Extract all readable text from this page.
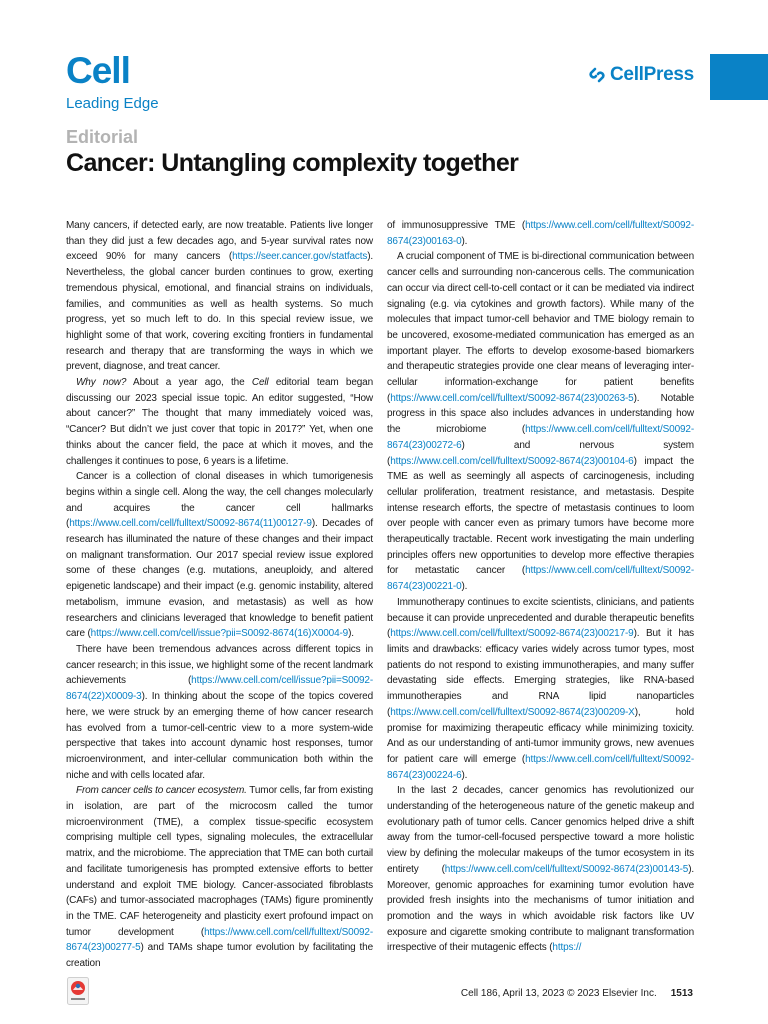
Cell
Leading Edge
CellPress
Editorial
Cancer: Untangling complexity together

Many cancers, if detected early, are now treatable. Patients live longer than they did just a few decades ago, and 5-year survival rates now exceed 90% for many cancers (https://seer.cancer.gov/statfacts). Nevertheless, the global cancer burden continues to grow, exerting tremendous physical, emotional, and financial strains on individuals, families, and communities as well as health systems. So much progress, yet so much left to do. In this special review issue, we highlight some of that work, covering exciting frontiers in fundamental research and therapy that are transforming the ways in which we prevent, diagnose, and treat cancer.

Why now? About a year ago, the Cell editorial team began discussing our 2023 special issue topic. An editor suggested, “How about cancer?” The thought that many immediately voiced was, “Cancer? But didn’t we just cover that topic in 2017?” Yet, when one thinks about the cancer field, the pace at which it moves, and the challenges it continues to pose, 6 years is a lifetime.

Cancer is a collection of clonal diseases in which tumorigenesis begins within a single cell. Along the way, the cell changes molecularly and acquires the cancer cell hallmarks (https://www.cell.com/cell/fulltext/S0092-8674(11)00127-9). Decades of research has illuminated the nature of these changes and their impact on malignant transformation. Our 2017 special review issue explored some of these changes (e.g. mutations, aneuploidy, and altered epigenetic landscape) and their impact (e.g. genomic instability, altered metabolism, immune evasion, and metastasis) as well as how researchers and clinicians leveraged that knowledge to benefit patient care (https://www.cell.com/cell/issue?pii=S0092-8674(16)X0004-9).

There have been tremendous advances across different topics in cancer research; in this issue, we highlight some of the recent landmark achievements (https://www.cell.com/cell/issue?pii=S0092-8674(22)X0009-3). In thinking about the scope of the topics covered here, we were struck by an emerging theme of how cancer research has evolved from a tumor-cell-centric view to a more system-wide perspective that takes into account dynamic host responses, tumor microenvironment, and inter-cellular communication both within the niche and with cells located afar.

From cancer cells to cancer ecosystem. Tumor cells, far from existing in isolation, are part of the microcosm called the tumor microenvironment (TME), a complex tissue-specific ecosystem comprising multiple cell types, signaling molecules, the extracellular matrix, and the microbiome. The appreciation that TME can both curtail and facilitate tumorigenesis has prompted extensive efforts to better understand and exploit TME biology. Cancer-associated fibroblasts (CAFs) and tumor-associated macrophages (TAMs) figure prominently in the TME. CAF heterogeneity and plasticity exert profound impact on tumor development (https://www.cell.com/cell/fulltext/S0092-8674(23)00277-5) and TAMs shape tumor evolution by facilitating the creation

of immunosuppressive TME (https://www.cell.com/cell/fulltext/S0092-8674(23)00163-0).

A crucial component of TME is bi-directional communication between cancer cells and surrounding non-cancerous cells. The communication can occur via direct cell-to-cell contact or it can be mediated via indirect signaling (e.g. via cytokines and growth factors). While many of the molecules that impact tumor-cell behavior and TME biology remain to be uncovered, exosome-mediated communication has emerged as an important player. The efforts to develop exosome-based biomarkers and therapeutic strategies provide one clear means of leveraging inter-cellular information-exchange for patient benefits (https://www.cell.com/cell/fulltext/S0092-8674(23)00263-5). Notable progress in this space also includes advances in understanding how the microbiome (https://www.cell.com/cell/fulltext/S0092-8674(23)00272-6) and nervous system (https://www.cell.com/cell/fulltext/S0092-8674(23)00104-6) impact the TME as well as seemingly all aspects of carcinogenesis, including cellular proliferation, treatment resistance, and metastasis. Despite intense research efforts, the spectre of metastasis continues to loom over people with cancer even as primary tumors have become more therapeutically tractable. Recent work investigating the main underling principles offers new opportunities to develop more effective therapies for metastatic cancer (https://www.cell.com/cell/fulltext/S0092-8674(23)00221-0).

Immunotherapy continues to excite scientists, clinicians, and patients because it can provide unprecedented and durable therapeutic benefits (https://www.cell.com/cell/fulltext/S0092-8674(23)00217-9). But it has limits and drawbacks: efficacy varies widely across tumor types, most patients do not respond to existing immunotherapies, and many suffer devastating side effects. Emerging strategies, like RNA-based immunotherapies and RNA lipid nanoparticles (https://www.cell.com/cell/fulltext/S0092-8674(23)00209-X), hold promise for maximizing therapeutic efficacy while minimizing toxicity. And as our understanding of anti-tumor immunity grows, new avenues for patient care will emerge (https://www.cell.com/cell/fulltext/S0092-8674(23)00224-6).

In the last 2 decades, cancer genomics has revolutionized our understanding of the heterogeneous nature of the genetic makeup and evolutionary path of tumor cells. Cancer genomics helped drive a shift away from the tumor-cell-focused perspective toward a more holistic view by defining the molecular makeups of the tumor ecosystem in its entirety (https://www.cell.com/cell/fulltext/S0092-8674(23)00143-5). Moreover, genomic approaches for examining tumor evolution have provided fresh insights into the mechanisms of tumor initiation and promotion and the ways in which avoidable risk factors like UV exposure and cigarette smoking contribute to malignant transformation irrespective of their mutagenic effects (https://

Cell 186, April 13, 2023 © 2023 Elsevier Inc. 1513
